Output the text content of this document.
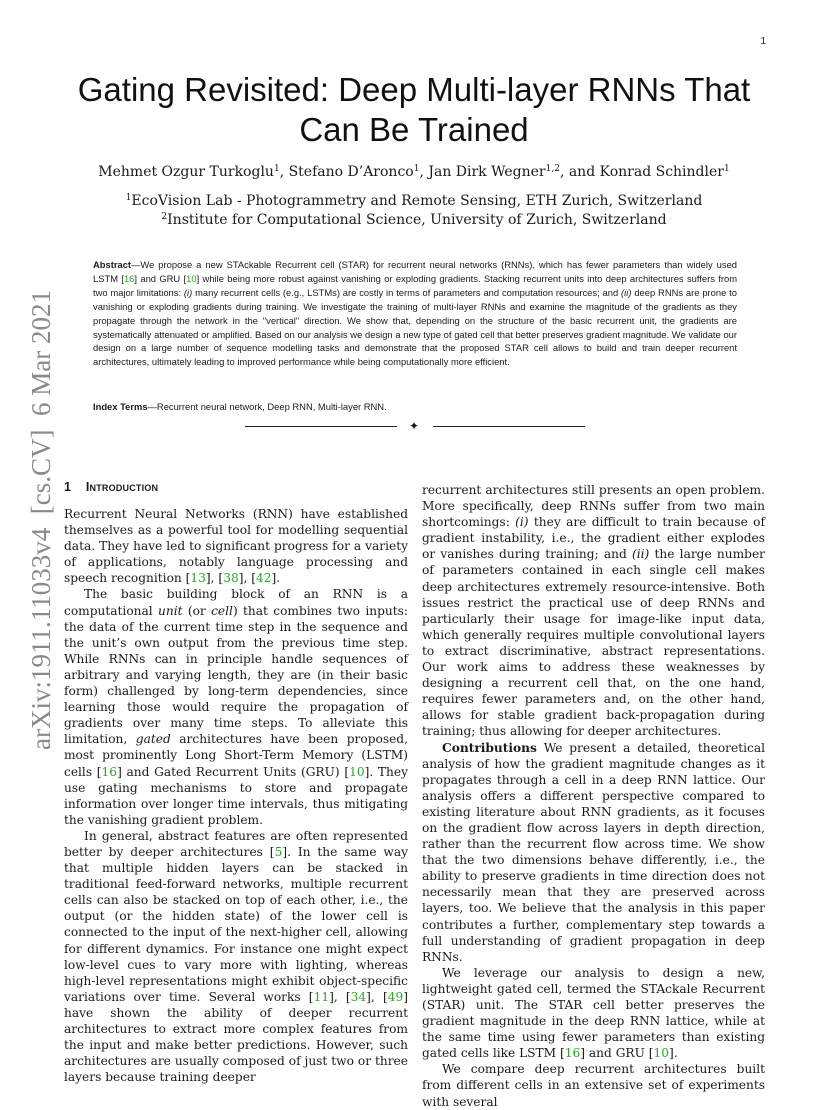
1
arXiv:1911.11033v4  [cs.CV]  6 Mar 2021
Gating Revisited: Deep Multi-layer RNNs That Can Be Trained
Mehmet Ozgur Turkoglu$^1$, Stefano D’Aronco$^1$, Jan Dirk Wegner$^{1,2}$, and Konrad Schindler$^1$
$^1$EcoVision Lab - Photogrammetry and Remote Sensing, ETH Zurich, Switzerland
$^2$Institute for Computational Science, University of Zurich, Switzerland

Abstract—We propose a new STAckable Recurrent cell (STAR) for recurrent neural networks (RNNs), which has fewer parameters than widely used LSTM [16] and GRU [10] while being more robust against vanishing or exploding gradients. Stacking recurrent units into deep architectures suffers from two major limitations: (i) many recurrent cells (e.g., LSTMs) are costly in terms of parameters and computation resources; and (ii) deep RNNs are prone to vanishing or exploding gradients during training. We investigate the training of multi-layer RNNs and examine the magnitude of the gradients as they propagate through the network in the "vertical" direction. We show that, depending on the structure of the basic recurrent unit, the gradients are systematically attenuated or amplified. Based on our analysis we design a new type of gated cell that better preserves gradient magnitude. We validate our design on a large number of sequence modelling tasks and demonstrate that the proposed STAR cell allows to build and train deeper recurrent architectures, ultimately leading to improved performance while being computationally more efficient.

Index Terms—Recurrent neural network, Deep RNN, Multi-layer RNN.

✦
1 Introduction

Recurrent Neural Networks (RNN) have established themselves as a powerful tool for modelling sequential data. They have led to significant progress for a variety of applications, notably language processing and speech recognition [13], [38], [42].

The basic building block of an RNN is a computational unit (or cell) that combines two inputs: the data of the current time step in the sequence and the unit’s own output from the previous time step. While RNNs can in principle handle sequences of arbitrary and varying length, they are (in their basic form) challenged by long-term dependencies, since learning those would require the propagation of gradients over many time steps. To alleviate this limitation, gated architectures have been proposed, most prominently Long Short-Term Memory (LSTM) cells [16] and Gated Recurrent Units (GRU) [10]. They use gating mechanisms to store and propagate information over longer time intervals, thus mitigating the vanishing gradient problem.

In general, abstract features are often represented better by deeper architectures [5]. In the same way that multiple hidden layers can be stacked in traditional feed-forward networks, multiple recurrent cells can also be stacked on top of each other, i.e., the output (or the hidden state) of the lower cell is connected to the input of the next-higher cell, allowing for different dynamics. For instance one might expect low-level cues to vary more with lighting, whereas high-level representations might exhibit object-specific variations over time. Several works [11], [34], [49] have shown the ability of deeper recurrent architectures to extract more complex features from the input and make better predictions. However, such architectures are usually composed of just two or three layers because training deeper

recurrent architectures still presents an open problem. More specifically, deep RNNs suffer from two main shortcomings: (i) they are difficult to train because of gradient instability, i.e., the gradient either explodes or vanishes during training; and (ii) the large number of parameters contained in each single cell makes deep architectures extremely resource-intensive. Both issues restrict the practical use of deep RNNs and particularly their usage for image-like input data, which generally requires multiple convolutional layers to extract discriminative, abstract representations. Our work aims to address these weaknesses by designing a recurrent cell that, on the one hand, requires fewer parameters and, on the other hand, allows for stable gradient back-propagation during training; thus allowing for deeper architectures.

Contributions We present a detailed, theoretical analysis of how the gradient magnitude changes as it propagates through a cell in a deep RNN lattice. Our analysis offers a different perspective compared to existing literature about RNN gradients, as it focuses on the gradient flow across layers in depth direction, rather than the recurrent flow across time. We show that the two dimensions behave differently, i.e., the ability to preserve gradients in time direction does not necessarily mean that they are preserved across layers, too. We believe that the analysis in this paper contributes a further, complementary step towards a full understanding of gradient propagation in deep RNNs.

We leverage our analysis to design a new, lightweight gated cell, termed the STAckale Recurrent (STAR) unit. The STAR cell better preserves the gradient magnitude in the deep RNN lattice, while at the same time using fewer parameters than existing gated cells like LSTM [16] and GRU [10].

We compare deep recurrent architectures built from different cells in an extensive set of experiments with several
